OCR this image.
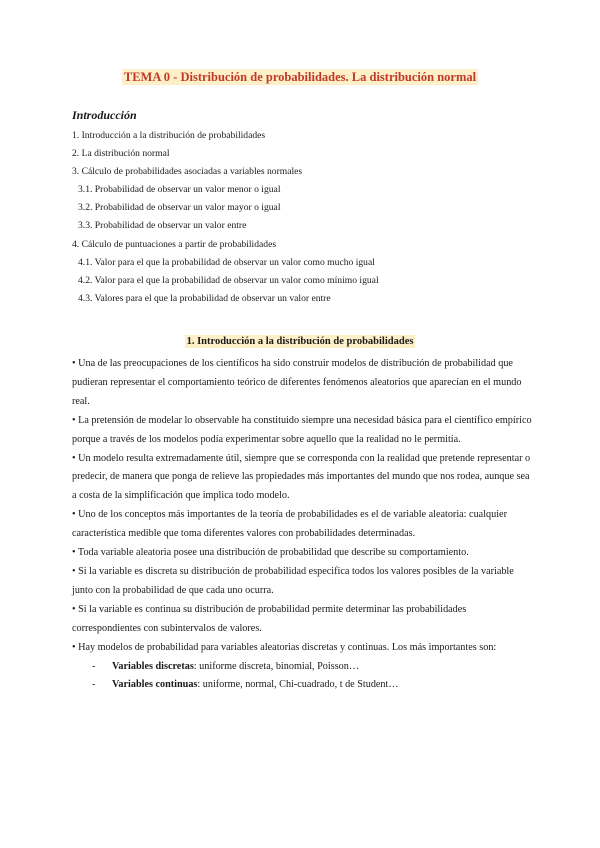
TEMA 0 - Distribución de probabilidades. La distribución normal
Introducción
1. Introducción a la distribución de probabilidades
2. La distribución normal
3. Cálculo de probabilidades asociadas a variables normales
3.1. Probabilidad de observar un valor menor o igual
3.2. Probabilidad de observar un valor mayor o igual
3.3. Probabilidad de observar un valor entre
4. Cálculo de puntuaciones a partir de probabilidades
4.1. Valor para el que la probabilidad de observar un valor como mucho igual
4.2. Valor para el que la probabilidad de observar un valor como mínimo igual
4.3. Valores para el que la probabilidad de observar un valor entre
1. Introducción a la distribución de probabilidades

• Una de las preocupaciones de los científicos ha sido construir modelos de distribución de probabilidad que pudieran representar el comportamiento teórico de diferentes fenómenos aleatorios que aparecían en el mundo real.

• La pretensión de modelar lo observable ha constituido siempre una necesidad básica para el científico empírico porque a través de los modelos podía experimentar sobre aquello que la realidad no le permitía.

• Un modelo resulta extremadamente útil, siempre que se corresponda con la realidad que pretende representar o predecir, de manera que ponga de relieve las propiedades más importantes del mundo que nos rodea, aunque sea a costa de la simplificación que implica todo modelo.

• Uno de los conceptos más importantes de la teoría de probabilidades es el de variable aleatoria: cualquier característica medible que toma diferentes valores con probabilidades determinadas.

• Toda variable aleatoria posee una distribución de probabilidad que describe su comportamiento.

• Si la variable es discreta su distribución de probabilidad especifica todos los valores posibles de la variable junto con la probabilidad de que cada uno ocurra.

• Si la variable es continua su distribución de probabilidad permite determinar las probabilidades correspondientes con subintervalos de valores.

• Hay modelos de probabilidad para variables aleatorias discretas y continuas. Los más importantes son:

- Variables discretas: uniforme discreta, binomial, Poisson…
- Variables continuas: uniforme, normal, Chi-cuadrado, t de Student…
